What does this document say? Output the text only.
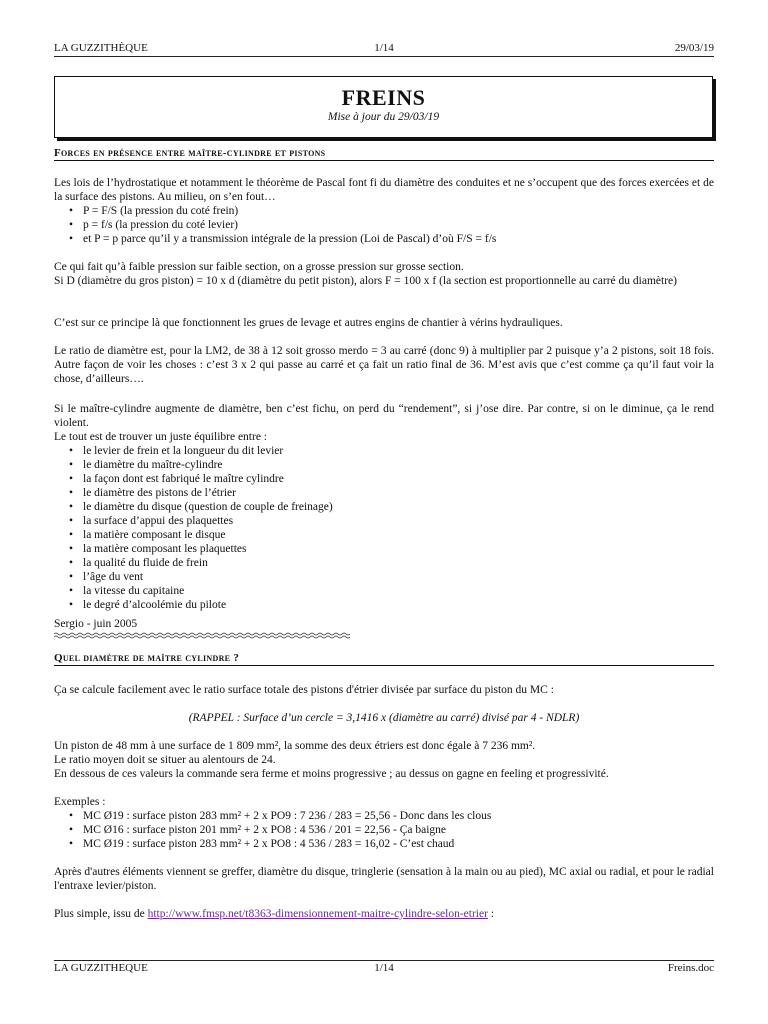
LA GUZZITHÈQUE	1/14	29/03/19
FREINS
Mise à jour du 29/03/19
Forces en présence entre maître-cylindre et pistons
Les lois de l’hydrostatique et notamment le théorème de Pascal font fi du diamètre des conduites et ne s’occupent que des forces exercées et de la surface des pistons. Au milieu, on s’en fout…
• P = F/S (la pression du coté frein)
• p = f/s (la pression du coté levier)
• et P = p parce qu’il y a transmission intégrale de la pression (Loi de Pascal) d’où F/S = f/s
Ce qui fait qu’à faible pression sur faible section, on a grosse pression sur grosse section.
Si D (diamètre du gros piston) = 10 x d (diamètre du petit piston), alors F = 100 x f (la section est proportionnelle au carré du diamètre)
C’est sur ce principe là que fonctionnent les grues de levage et autres engins de chantier à vérins hydrauliques.
Le ratio de diamètre est, pour la LM2, de 38 à 12 soit grosso merdo = 3 au carré (donc 9) à multiplier par 2 puisque y’a 2 pistons, soit 18 fois. Autre façon de voir les choses : c’est 3 x 2 qui passe au carré et ça fait un ratio final de 36. M’est avis que c’est comme ça qu’il faut voir la chose, d’ailleurs….
Si le maître-cylindre augmente de diamètre, ben c’est fichu, on perd du “rendement”, si j’ose dire. Par contre, si on le diminue, ça le rend violent.
Le tout est de trouver un juste équilibre entre :
• le levier de frein et la longueur du dit levier
• le diamètre du maître-cylindre
• la façon dont est fabriqué le maître cylindre
• le diamètre des pistons de l’étrier
• le diamètre du disque (question de couple de freinage)
• la surface d’appui des plaquettes
• la matière composant le disque
• la matière composant les plaquettes
• la qualité du fluide de frein
• l’âge du vent
• la vitesse du capitaine
• le degré d’alcoolémie du pilote
Sergio - juin 2005
Quel diamètre de maître cylindre ?
Ça se calcule facilement avec le ratio surface totale des pistons d'étrier divisée par surface du piston du MC :
(RAPPEL : Surface d’un cercle = 3,1416 x (diamètre au carré) divisé par 4 - NDLR)
Un piston de 48 mm à une surface de 1 809 mm², la somme des deux étriers est donc égale à 7 236 mm².
Le ratio moyen doit se situer au alentours de 24.
En dessous de ces valeurs la commande sera ferme et moins progressive ; au dessus on gagne en feeling et progressivité.
Exemples :
• MC Ø19 : surface piston 283 mm² + 2 x PO9 : 7 236 / 283 = 25,56 - Donc dans les clous
• MC Ø16 : surface piston 201 mm² + 2 x PO8 : 4 536 / 201 = 22,56 - Ça baigne
• MC Ø19 : surface piston 283 mm² + 2 x PO8 : 4 536 / 283 = 16,02 - C’est chaud
Après d'autres éléments viennent se greffer, diamètre du disque, tringlerie (sensation à la main ou au pied), MC axial ou radial, et pour le radial l'entraxe levier/piston.
Plus simple, issu de http://www.fmsp.net/t8363-dimensionnement-maitre-cylindre-selon-etrier :
LA GUZZITHEQUE	1/14	Freins.doc
